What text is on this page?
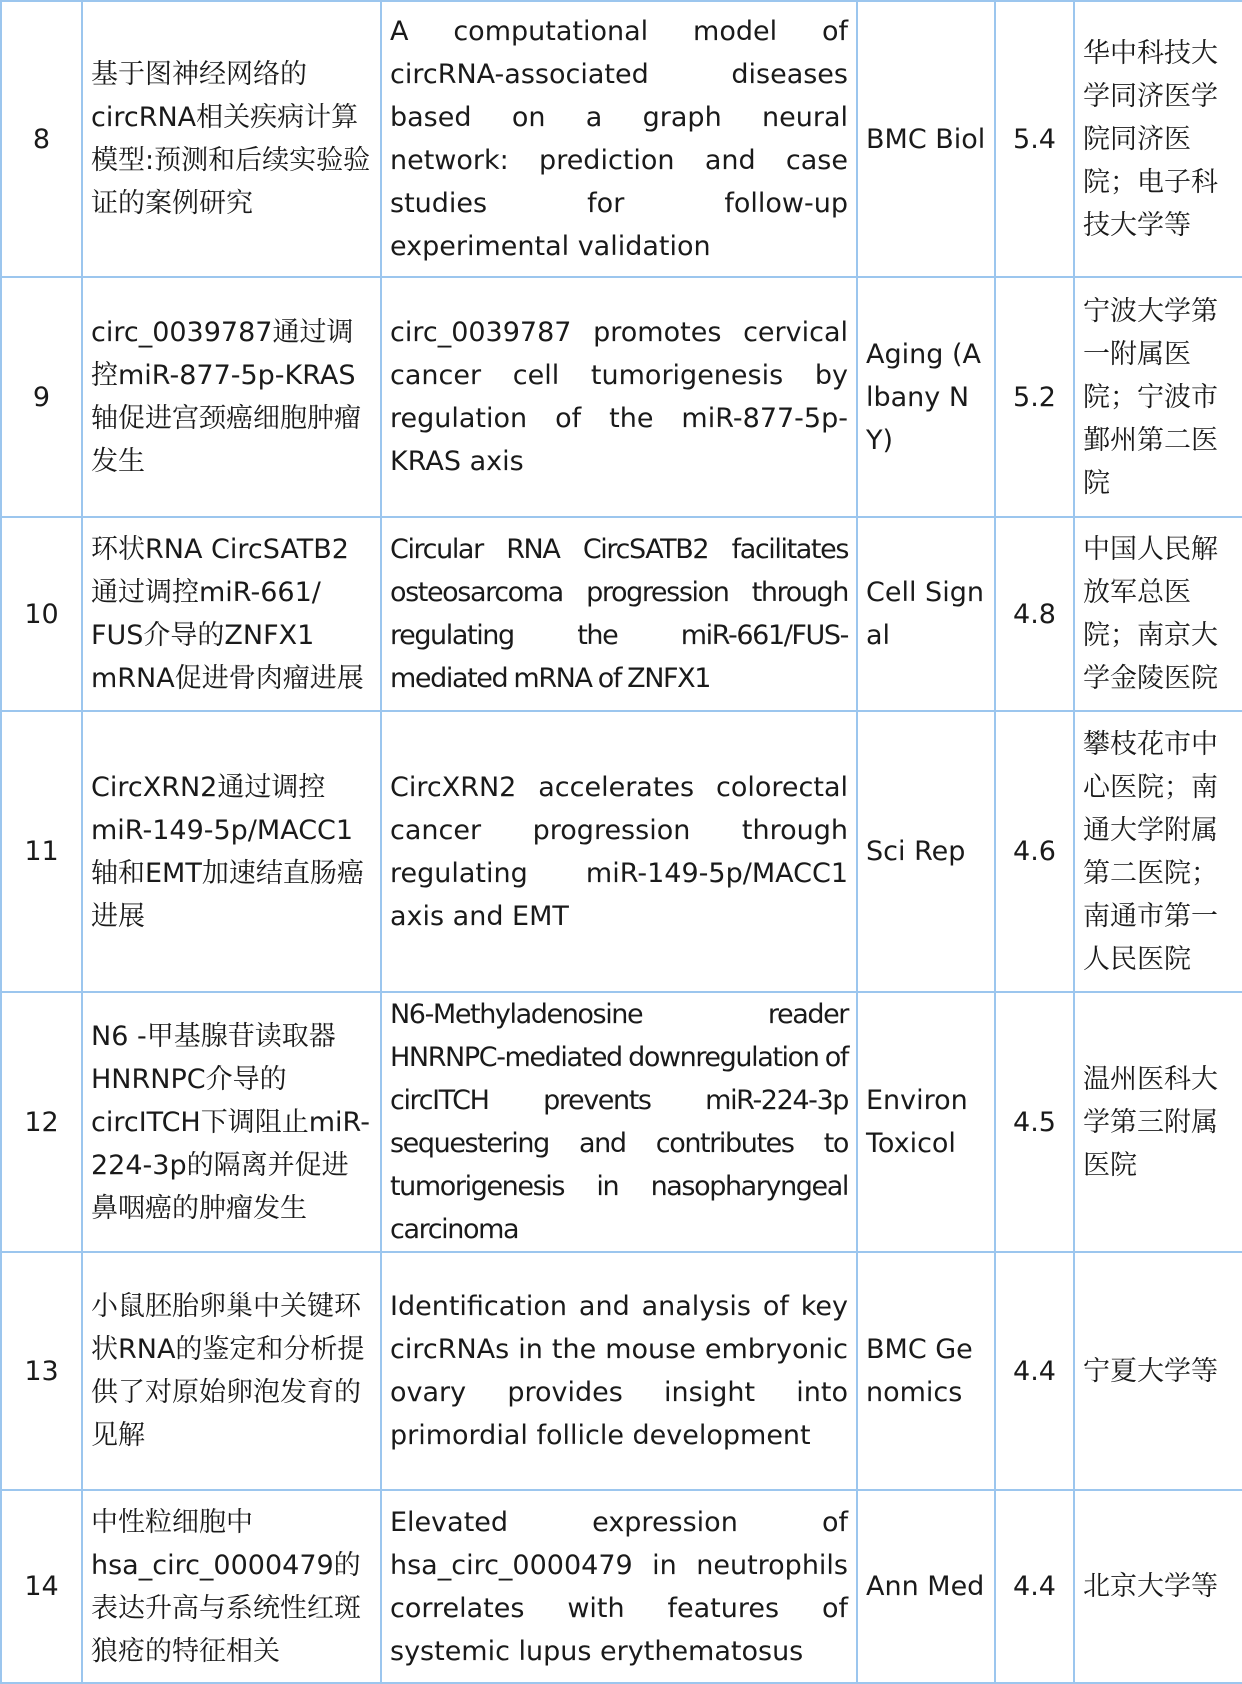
8	基于图神经网络的circRNA相关疾病计算模型:预测和后续实验验证的案例研究	A computational model of circRNA-associated diseases based on a graph neural network: prediction and case studies for follow-up experimental validation	BMC Biol	5.4	华中科技大学同济医学院同济医院；电子科技大学等
9	circ_0039787通过调控miR-877-5p-KRAS轴促进宫颈癌细胞肿瘤发生	circ_0039787 promotes cervical cancer cell tumorigenesis by regulation of the miR-877-5p-KRAS axis	Aging (Albany NY)	5.2	宁波大学第一附属医院；宁波市鄞州第二医院
10	环状RNA CircSATB2通过调控miR-661/ FUS介导的ZNFX1 mRNA促进骨肉瘤进展	Circular RNA CircSATB2 facilitates osteosarcoma progression through regulating the miR-661/FUS-mediated mRNA of ZNFX1	Cell Signal	4.8	中国人民解放军总医院；南京大学金陵医院
11	CircXRN2通过调控miR-149-5p/MACC1轴和EMT加速结直肠癌进展	CircXRN2 accelerates colorectal cancer progression through regulating miR-149-5p/MACC1 axis and EMT	Sci Rep	4.6	攀枝花市中心医院；南通大学附属第二医院；南通市第一人民医院
12	N6 -甲基腺苷读取器HNRNPC介导的circITCH下调阻止miR-224-3p的隔离并促进鼻咽癌的肿瘤发生	N6-Methyladenosine reader HNRNPC-mediated downregulation of circITCH prevents miR-224-3p sequestering and contributes to tumorigenesis in nasopharyngeal carcinoma	Environ Toxicol	4.5	温州医科大学第三附属医院
13	小鼠胚胎卵巢中关键环状RNA的鉴定和分析提供了对原始卵泡发育的见解	Identification and analysis of key circRNAs in the mouse embryonic ovary provides insight into primordial follicle development	BMC Genomics	4.4	宁夏大学等
14	中性粒细胞中hsa_circ_0000479的表达升高与系统性红斑狼疮的特征相关	Elevated expression of hsa_circ_0000479 in neutrophils correlates with features of systemic lupus erythematosus	Ann Med	4.4	北京大学等
